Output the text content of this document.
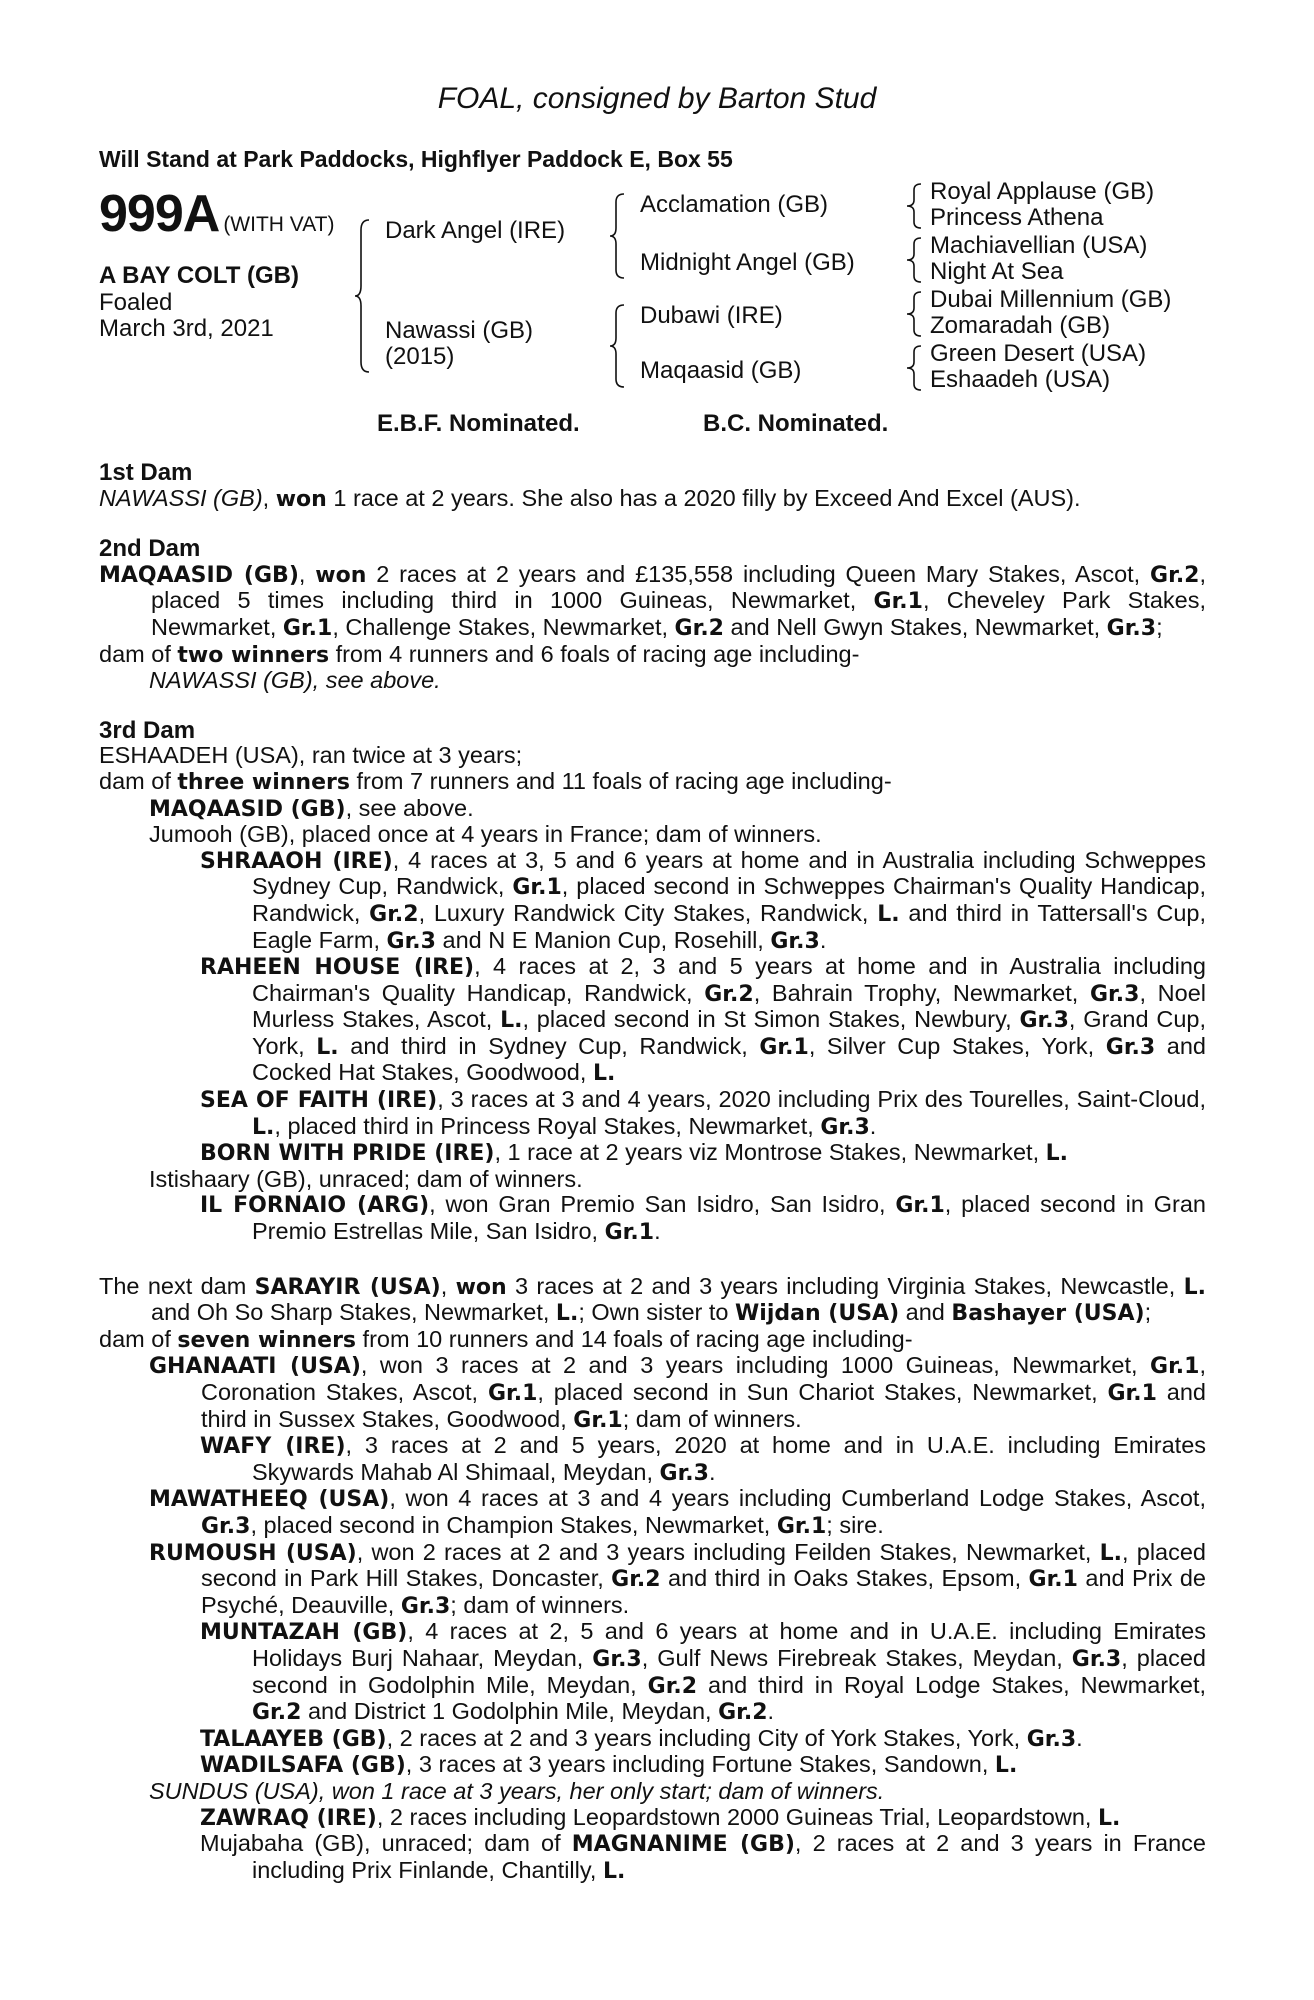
FOAL, consigned by Barton Stud
Will Stand at Park Paddocks, Highflyer Paddock E, Box 55
999A (WITH VAT)
A BAY COLT (GB)
Foaled
March 3rd, 2021
Dark Angel (IRE)
Nawassi (GB)
(2015)
Acclamation (GB)
Midnight Angel (GB)
Dubawi (IRE)
Maqaasid (GB)
Royal Applause (GB)
Princess Athena
Machiavellian (USA)
Night At Sea
Dubai Millennium (GB)
Zomaradah (GB)
Green Desert (USA)
Eshaadeh (USA)
E.B.F. Nominated.	B.C. Nominated.
1st Dam
NAWASSI (GB), won 1 race at 2 years. She also has a 2020 filly by Exceed And Excel (AUS).
2nd Dam
MAQAASID (GB), won 2 races at 2 years and £135,558 including Queen Mary Stakes, Ascot, Gr.2, placed 5 times including third in 1000 Guineas, Newmarket, Gr.1, Cheveley Park Stakes, Newmarket, Gr.1, Challenge Stakes, Newmarket, Gr.2 and Nell Gwyn Stakes, Newmarket, Gr.3;
dam of two winners from 4 runners and 6 foals of racing age including-
NAWASSI (GB), see above.
3rd Dam
ESHAADEH (USA), ran twice at 3 years;
dam of three winners from 7 runners and 11 foals of racing age including-
MAQAASID (GB), see above.
Jumooh (GB), placed once at 4 years in France; dam of winners.
SHRAAOH (IRE), 4 races at 3, 5 and 6 years at home and in Australia including Schweppes Sydney Cup, Randwick, Gr.1, placed second in Schweppes Chairman's Quality Handicap, Randwick, Gr.2, Luxury Randwick City Stakes, Randwick, L. and third in Tattersall's Cup, Eagle Farm, Gr.3 and N E Manion Cup, Rosehill, Gr.3.
RAHEEN HOUSE (IRE), 4 races at 2, 3 and 5 years at home and in Australia including Chairman's Quality Handicap, Randwick, Gr.2, Bahrain Trophy, Newmarket, Gr.3, Noel Murless Stakes, Ascot, L., placed second in St Simon Stakes, Newbury, Gr.3, Grand Cup, York, L. and third in Sydney Cup, Randwick, Gr.1, Silver Cup Stakes, York, Gr.3 and Cocked Hat Stakes, Goodwood, L.
SEA OF FAITH (IRE), 3 races at 3 and 4 years, 2020 including Prix des Tourelles, Saint-Cloud, L., placed third in Princess Royal Stakes, Newmarket, Gr.3.
BORN WITH PRIDE (IRE), 1 race at 2 years viz Montrose Stakes, Newmarket, L.
Istishaary (GB), unraced; dam of winners.
IL FORNAIO (ARG), won Gran Premio San Isidro, San Isidro, Gr.1, placed second in Gran Premio Estrellas Mile, San Isidro, Gr.1.
The next dam SARAYIR (USA), won 3 races at 2 and 3 years including Virginia Stakes, Newcastle, L. and Oh So Sharp Stakes, Newmarket, L.; Own sister to Wijdan (USA) and Bashayer (USA);
dam of seven winners from 10 runners and 14 foals of racing age including-
GHANAATI (USA), won 3 races at 2 and 3 years including 1000 Guineas, Newmarket, Gr.1, Coronation Stakes, Ascot, Gr.1, placed second in Sun Chariot Stakes, Newmarket, Gr.1 and third in Sussex Stakes, Goodwood, Gr.1; dam of winners.
WAFY (IRE), 3 races at 2 and 5 years, 2020 at home and in U.A.E. including Emirates Skywards Mahab Al Shimaal, Meydan, Gr.3.
MAWATHEEQ (USA), won 4 races at 3 and 4 years including Cumberland Lodge Stakes, Ascot, Gr.3, placed second in Champion Stakes, Newmarket, Gr.1; sire.
RUMOUSH (USA), won 2 races at 2 and 3 years including Feilden Stakes, Newmarket, L., placed second in Park Hill Stakes, Doncaster, Gr.2 and third in Oaks Stakes, Epsom, Gr.1 and Prix de Psyché, Deauville, Gr.3; dam of winners.
MUNTAZAH (GB), 4 races at 2, 5 and 6 years at home and in U.A.E. including Emirates Holidays Burj Nahaar, Meydan, Gr.3, Gulf News Firebreak Stakes, Meydan, Gr.3, placed second in Godolphin Mile, Meydan, Gr.2 and third in Royal Lodge Stakes, Newmarket, Gr.2 and District 1 Godolphin Mile, Meydan, Gr.2.
TALAAYEB (GB), 2 races at 2 and 3 years including City of York Stakes, York, Gr.3.
WADILSAFA (GB), 3 races at 3 years including Fortune Stakes, Sandown, L.
SUNDUS (USA), won 1 race at 3 years, her only start; dam of winners.
ZAWRAQ (IRE), 2 races including Leopardstown 2000 Guineas Trial, Leopardstown, L.
Mujabaha (GB), unraced; dam of MAGNANIME (GB), 2 races at 2 and 3 years in France including Prix Finlande, Chantilly, L.
